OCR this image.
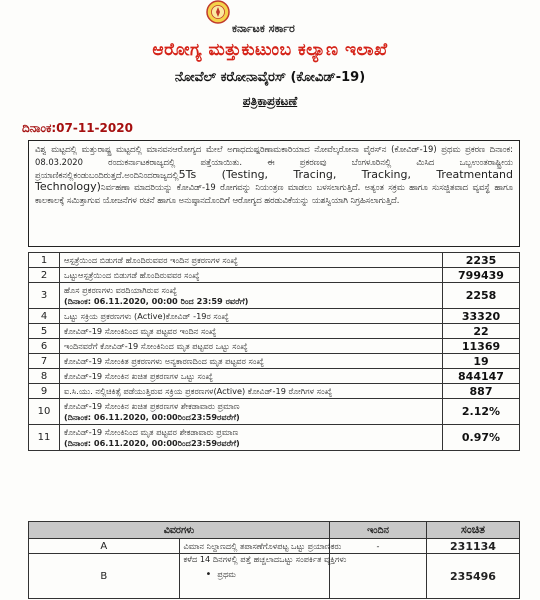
ಕರ್ನಾಟಕ ಸರ್ಕಾರ
ಆರೋಗ್ಯ ಮತ್ತುಕುಟುಂಬ ಕಲ್ಯಾಣ ಇಲಾಖೆ
ನೋವೆಲ್ ಕರೋನಾವೈರಸ್ (ಕೋವಿಡ್-19)
ಪತ್ರಿಕಾಪ್ರಕಟಣೆ
ದಿನಾಂಕ:07-11-2020
ವಿಶ್ವ ಮಟ್ಟದಲ್ಲಿ ಮತ್ತುರಾಷ್ಟ್ರ ಮಟ್ಟದಲ್ಲಿ ಮಾನವನಆರೋಗ್ಯದ ಮೇಲೆ ಅಗಾಧದುಷ್ಪರಿಣಾಮಕಾರಿಯಾದ ನೋವೆಲ್ಕರೋನಾ ವೈರಸ್‌ನ (ಕೋವಿಡ್-19) ಪ್ರಥಮ ಪ್ರಕರಣ ದಿನಾಂಕ: 08.03.2020 ರಂದುಕರ್ನಾಟಕರಾಜ್ಯದಲ್ಲಿ ಪತ್ತೆಯಾಯಿತು. ಈ ಪ್ರಕರಣವು ಬೆಂಗಳೂರಿನಲ್ಲಿ ಮಿಸಿದ ಒಬ್ಬಉಂತರಾಷ್ಟ್ರೀಯ ಪ್ರಯಾಣಿಕನಲ್ಲಿಕಂಡುಬಂದಿರುತ್ತದೆ.ಅಂದಿನಿಂದರಾಜ್ಯದಲ್ಲಿ5Ts (Testing, Tracing, Tracking, Treatmentand Technology)ನಿರ್ವಹಣಾ ಮಾದರಿಯನ್ನು ಕೋವಿಡ್-19 ರೋಗವನ್ನು ನಿಯಂತ್ರಣ ಮಾಡಲು ಬಳಸಲಾಗುತ್ತಿದೆ. ಅತ್ಯಂತ ಸಕ್ರಮ ಹಾಗೂ ಸುಸಜ್ಜಿತವಾದ ವ್ಯವಸ್ಥೆ ಹಾಗೂ ಕಾಲಕಾಲಕ್ಕೆ ಸಮಿತ್ತಾಗುವ ಯೋಜನೆಗಳ ರಚನೆ ಹಾಗೂ ಅನುಷ್ಠಾನದೊಂದಿಗೆ ಆರೋಗ್ಯದ ಹರಡುವಿಕೆಯನ್ನು ಯಶಸ್ವಿಯಾಗಿ ನಿಗ್ರಹಿಸಲಾಗುತ್ತಿದೆ.
1	ಆಸ್ಪತ್ರೆಯಿಂದ ಬಿಡುಗಡೆ ಹೊಂದಿರುವವರ ಇಂದಿನ ಪ್ರಕರಣಗಳ ಸಂಖ್ಯೆ	2235
2	ಒಟ್ಟುಆಸ್ಪತ್ರೆಯಿಂದ ಬಿಡುಗಡೆ ಹೊಂದಿರುವವರ ಸಂಖ್ಯೆ	799439
3	ಹೊಸ ಪ್ರಕರಣಗಳು ವರದಿಯಾಗಿರುವ ಸಂಖ್ಯೆ
(ದಿನಾಂಕ: 06.11.2020, 00:00 ರಿಂದ 23:59 ರವರೆಗೆ)	2258
4	ಒಟ್ಟು ಸಕ್ರಿಯ ಪ್ರಕರಣಗಳು (Active)ಕೋವಿಡ್ -19ರ ಸಂಖ್ಯೆ	33320
5	ಕೋವಿಡ್-19 ಸೋಂಕಿನಿಂದ ಮೃತ ಪಟ್ಟವರ ಇಂದಿನ ಸಂಖ್ಯೆ	22
6	ಇಂದಿನವರೆಗೆ ಕೋವಿಡ್-19 ಸೋಂಕಿನಿಂದ ಮೃತ ಪಟ್ಟವರ ಒಟ್ಟು ಸಂಖ್ಯೆ	11369
7	ಕೋವಿಡ್-19 ಸೋಂಕಿತ ಪ್ರಕರಣಗಳು ಅನ್ಯಕಾರಣದಿಂದ ಮೃತ ಪಟ್ಟವರ ಸಂಖ್ಯೆ	19
8	ಕೋವಿಡ್-19 ಸೋಂಕಿನ ಖಚಿತ ಪ್ರಕರಣಗಳ ಒಟ್ಟು ಸಂಖ್ಯೆ	844147
9	ಐ.ಸಿ.ಯು. ನಲ್ಲಿಚಿಕಿತ್ಸೆ ಪಡೆಯುತ್ತಿರುವ ಸಕ್ರಿಯ ಪ್ರಕರಣಗಳ(Active) ಕೋವಿಡ್-19 ರೋಗಿಗಳ ಸಂಖ್ಯೆ	887
10	ಕೋವಿಡ್-19 ಸೋಂಕಿನ ಖಚಿತ ಪ್ರಕರಣಗಳ ಶೇಕಡಾವಾರು ಪ್ರಮಾಣ
(ದಿನಾಂಕ: 06.11.2020, 00:00ರಿಂದ23:59ರವರೆಗೆ)	2.12%
11	ಕೋವಿಡ್-19 ಸೋಂಕಿನಿಂದ ಮೃತ ಪಟ್ಟವರ ಶೇಕಡಾವಾರು ಪ್ರಮಾಣ
(ದಿನಾಂಕ: 06.11.2020, 00:00ರಿಂದ23:59ರವರೆಗೆ)	0.97%
ವಿವರಗಳು		ಇಂದಿನ	ಸಂಚಿತ
A	ವಿಮಾನ ನಿಲ್ದಾಣದಲ್ಲಿ ತಪಾಸಣೆಗೊಳಪಟ್ಟ ಒಟ್ಟು ಪ್ರಯಾಣಿಕರು	-	231134
B	ಕಳೆದ 14 ದಿನಗಳಲ್ಲಿ ಪತ್ತೆ ಹಚ್ಚಲಾದಒಟ್ಟು ಸಂಪರ್ಕಿತ ವ್ಯಕ್ತಿಗಳು
• ಪ್ರಥಮ		235496
